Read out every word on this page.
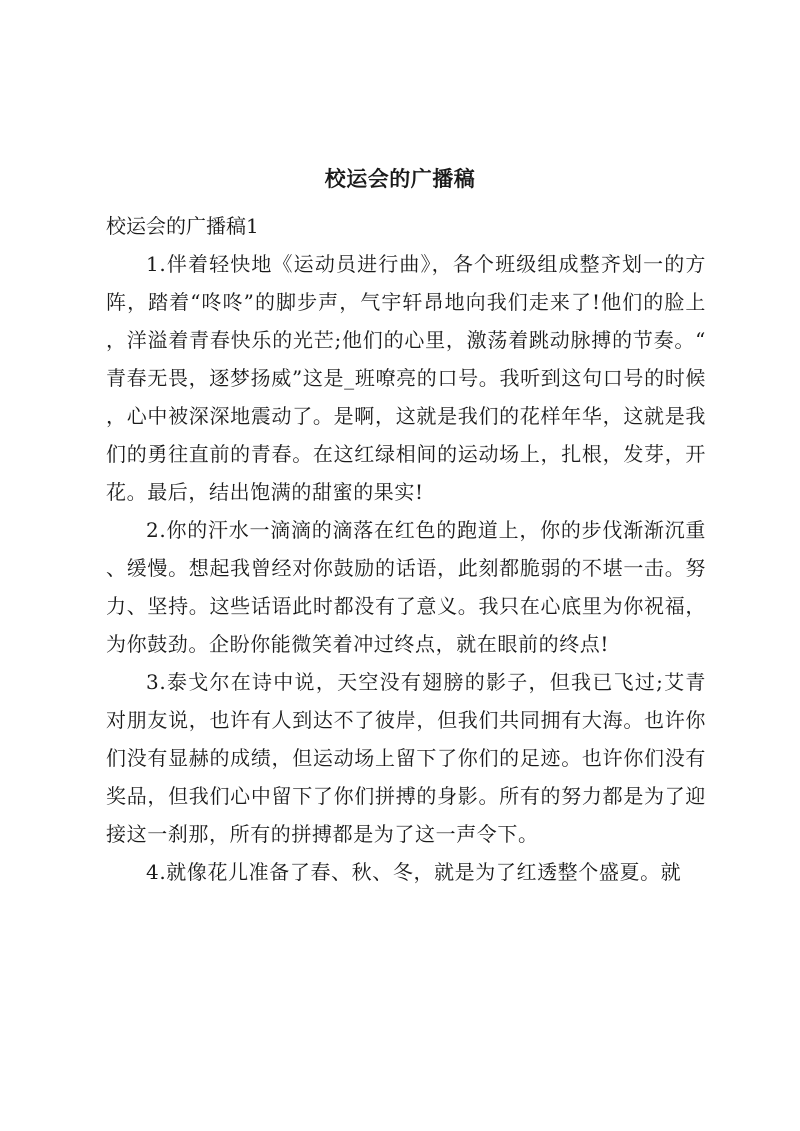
校运会的广播稿

校运会的广播稿1

1.伴着轻快地《运动员进行曲》，各个班级组成整齐划一的方阵，踏着“咚咚”的脚步声，气宇轩昂地向我们走来了!他们的脸上，洋溢着青春快乐的光芒;他们的心里，激荡着跳动脉搏的节奏。“青春无畏，逐梦扬威”这是_班嘹亮的口号。我听到这句口号的时候，心中被深深地震动了。是啊，这就是我们的花样年华，这就是我们的勇往直前的青春。在这红绿相间的运动场上，扎根，发芽，开花。最后，结出饱满的甜蜜的果实!

2.你的汗水一滴滴的滴落在红色的跑道上，你的步伐渐渐沉重、缓慢。想起我曾经对你鼓励的话语，此刻都脆弱的不堪一击。努力、坚持。这些话语此时都没有了意义。我只在心底里为你祝福，为你鼓劲。企盼你能微笑着冲过终点，就在眼前的终点!

3.泰戈尔在诗中说，天空没有翅膀的影子，但我已飞过;艾青对朋友说，也许有人到达不了彼岸，但我们共同拥有大海。也许你们没有显赫的成绩，但运动场上留下了你们的足迹。也许你们没有奖品，但我们心中留下了你们拼搏的身影。所有的努力都是为了迎接这一刹那，所有的拼搏都是为了这一声令下。

4.就像花儿准备了春、秋、冬，就是为了红透整个盛夏。就
